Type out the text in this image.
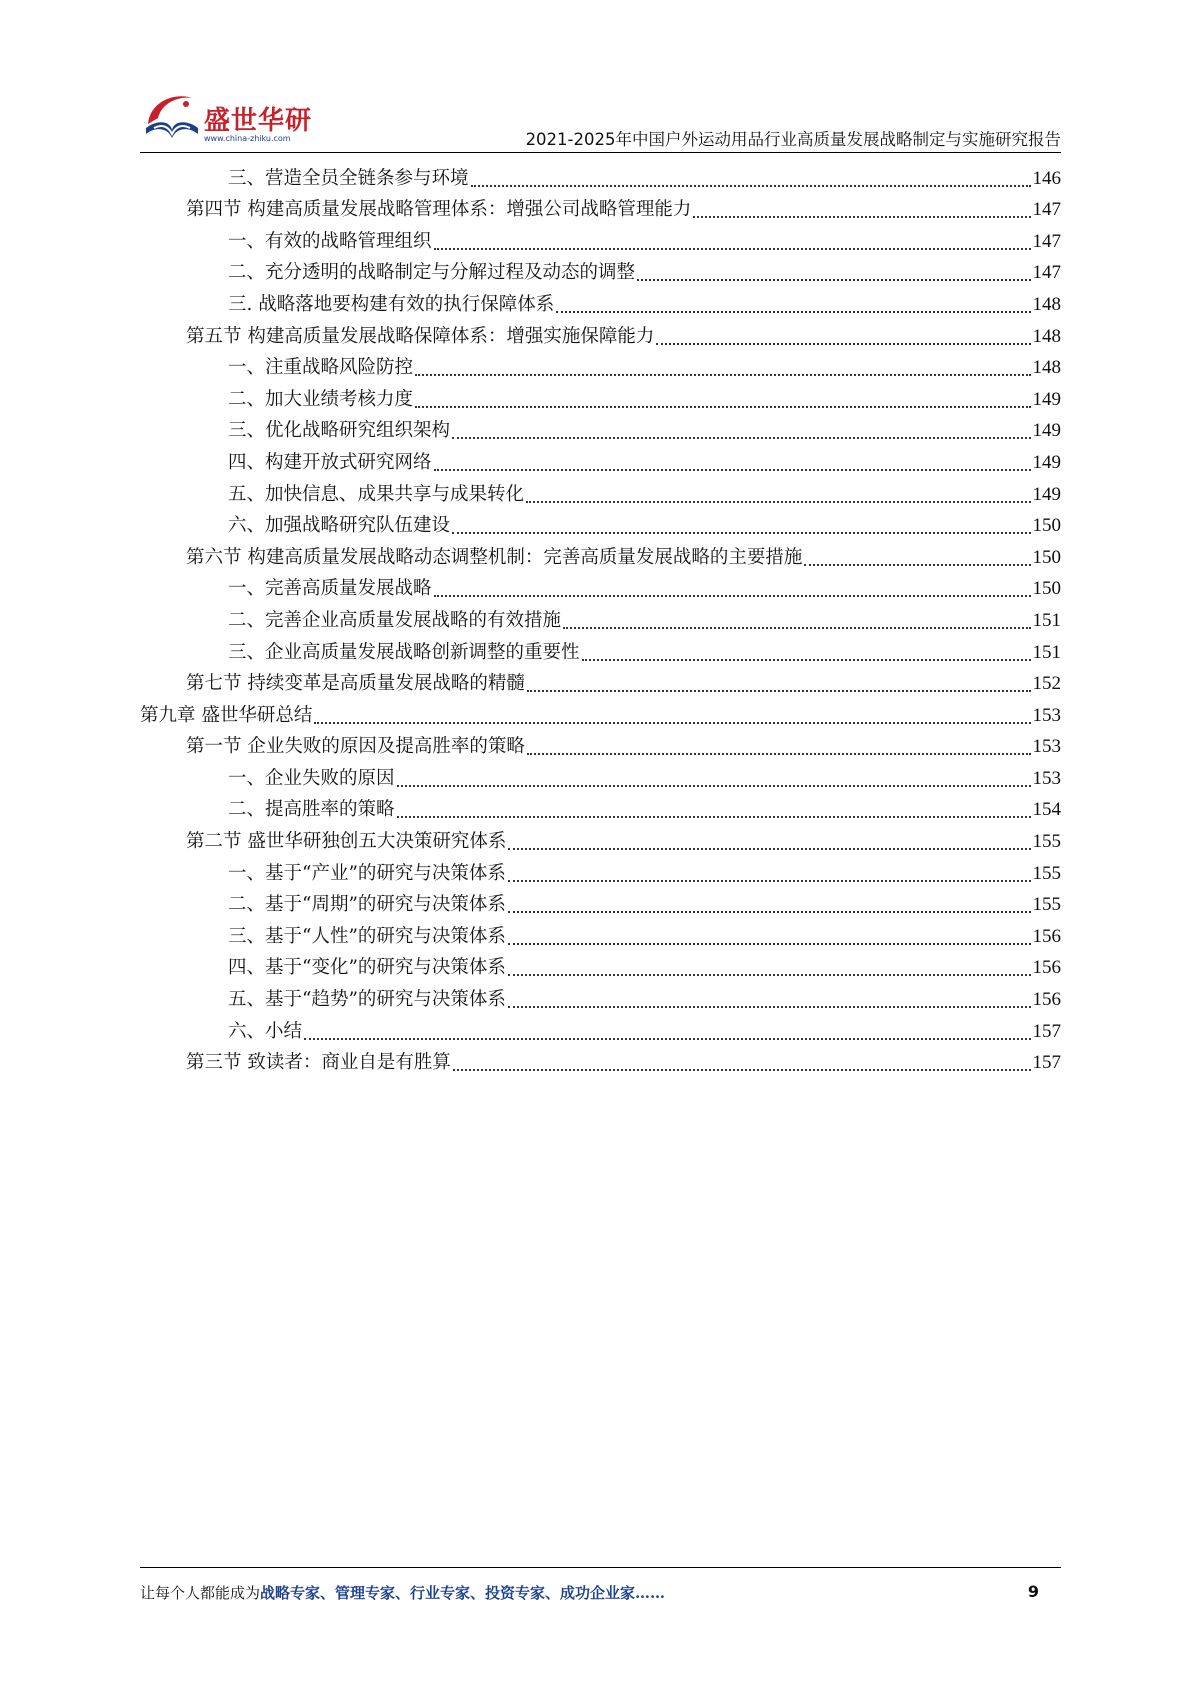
盛世华研
www.china-zhiku.com	2021-2025年中国户外运动用品行业高质量发展战略制定与实施研究报告
三、营造全员全链条参与环境	146
第四节 构建高质量发展战略管理体系：增强公司战略管理能力	147
一、有效的战略管理组织	147
二、充分透明的战略制定与分解过程及动态的调整	147
三. 战略落地要构建有效的执行保障体系	148
第五节 构建高质量发展战略保障体系：增强实施保障能力	148
一、注重战略风险防控	148
二、加大业绩考核力度	149
三、优化战略研究组织架构	149
四、构建开放式研究网络	149
五、加快信息、成果共享与成果转化	149
六、加强战略研究队伍建设	150
第六节 构建高质量发展战略动态调整机制：完善高质量发展战略的主要措施	150
一、完善高质量发展战略	150
二、完善企业高质量发展战略的有效措施	151
三、企业高质量发展战略创新调整的重要性	151
第七节 持续变革是高质量发展战略的精髓	152
第九章 盛世华研总结	153
第一节 企业失败的原因及提高胜率的策略	153
一、企业失败的原因	153
二、提高胜率的策略	154
第二节 盛世华研独创五大决策研究体系	155
一、基于“产业”的研究与决策体系	155
二、基于“周期”的研究与决策体系	155
三、基于“人性”的研究与决策体系	156
四、基于“变化”的研究与决策体系	156
五、基于“趋势”的研究与决策体系	156
六、小结	157
第三节 致读者：商业自是有胜算	157
让每个人都能成为战略专家、管理专家、行业专家、投资专家、成功企业家……	9
